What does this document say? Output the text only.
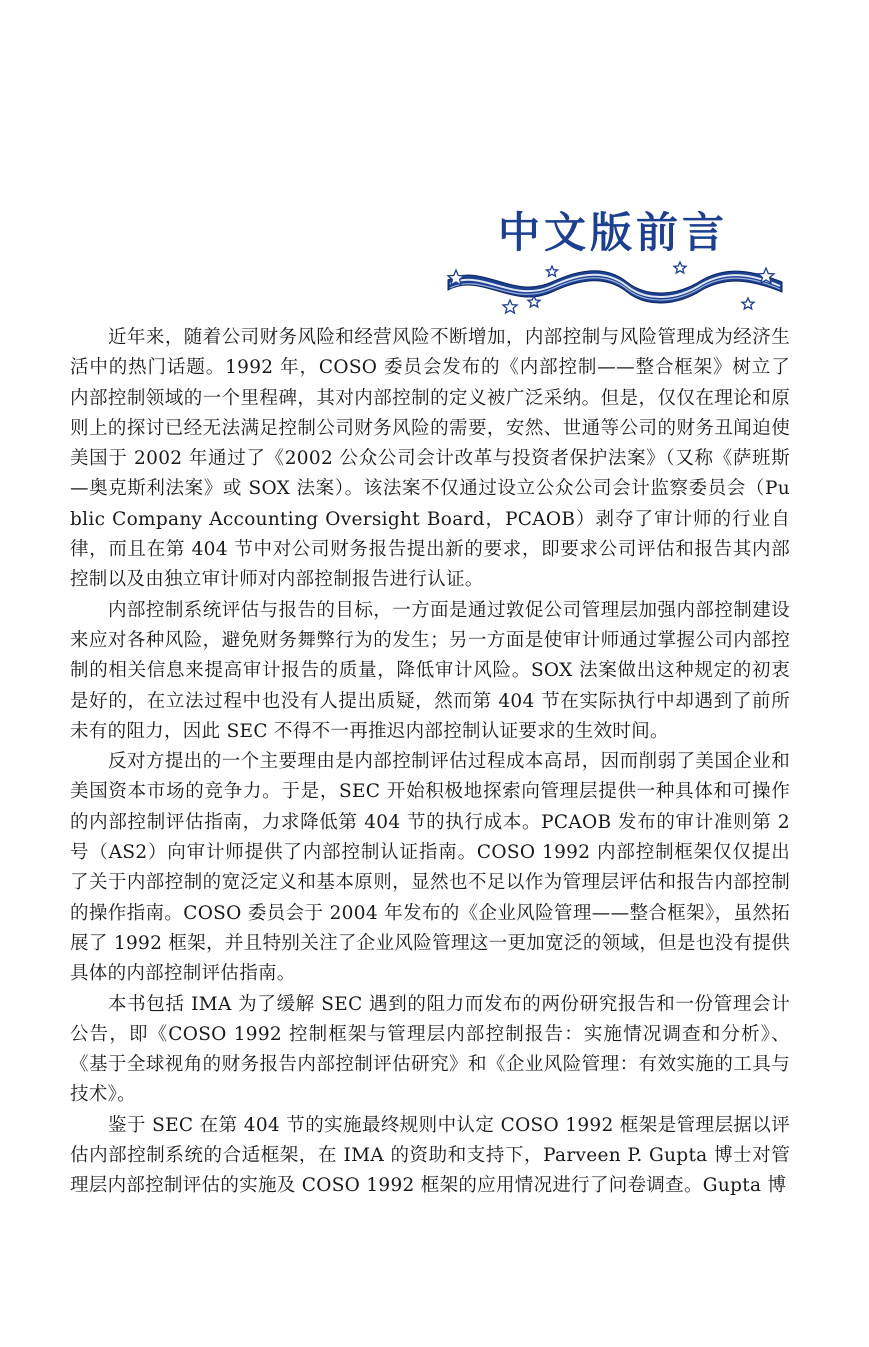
中文版前言

近年来，随着公司财务风险和经营风险不断增加，内部控制与风险管理成为经济生活中的热门话题。1992 年，COSO 委员会发布的《内部控制——整合框架》树立了内部控制领域的一个里程碑，其对内部控制的定义被广泛采纳。但是，仅仅在理论和原则上的探讨已经无法满足控制公司财务风险的需要，安然、世通等公司的财务丑闻迫使美国于 2002 年通过了《2002 公众公司会计改革与投资者保护法案》（又称《萨班斯—奥克斯利法案》或 SOX 法案）。该法案不仅通过设立公众公司会计监察委员会（Public Company Accounting Oversight Board，PCAOB）剥夺了审计师的行业自律，而且在第 404 节中对公司财务报告提出新的要求，即要求公司评估和报告其内部控制以及由独立审计师对内部控制报告进行认证。

内部控制系统评估与报告的目标，一方面是通过敦促公司管理层加强内部控制建设来应对各种风险，避免财务舞弊行为的发生；另一方面是使审计师通过掌握公司内部控制的相关信息来提高审计报告的质量，降低审计风险。SOX 法案做出这种规定的初衷是好的，在立法过程中也没有人提出质疑，然而第 404 节在实际执行中却遇到了前所未有的阻力，因此 SEC 不得不一再推迟内部控制认证要求的生效时间。

反对方提出的一个主要理由是内部控制评估过程成本高昂，因而削弱了美国企业和美国资本市场的竞争力。于是，SEC 开始积极地探索向管理层提供一种具体和可操作的内部控制评估指南，力求降低第 404 节的执行成本。PCAOB 发布的审计准则第 2 号（AS2）向审计师提供了内部控制认证指南。COSO 1992 内部控制框架仅仅提出了关于内部控制的宽泛定义和基本原则，显然也不足以作为管理层评估和报告内部控制的操作指南。COSO 委员会于 2004 年发布的《企业风险管理——整合框架》，虽然拓展了 1992 框架，并且特别关注了企业风险管理这一更加宽泛的领域，但是也没有提供具体的内部控制评估指南。

本书包括 IMA 为了缓解 SEC 遇到的阻力而发布的两份研究报告和一份管理会计公告，即《COSO 1992 控制框架与管理层内部控制报告：实施情况调查和分析》、《基于全球视角的财务报告内部控制评估研究》和《企业风险管理：有效实施的工具与技术》。

鉴于 SEC 在第 404 节的实施最终规则中认定 COSO 1992 框架是管理层据以评估内部控制系统的合适框架，在 IMA 的资助和支持下，Parveen P. Gupta 博士对管理层内部控制评估的实施及 COSO 1992 框架的应用情况进行了问卷调查。Gupta 博
